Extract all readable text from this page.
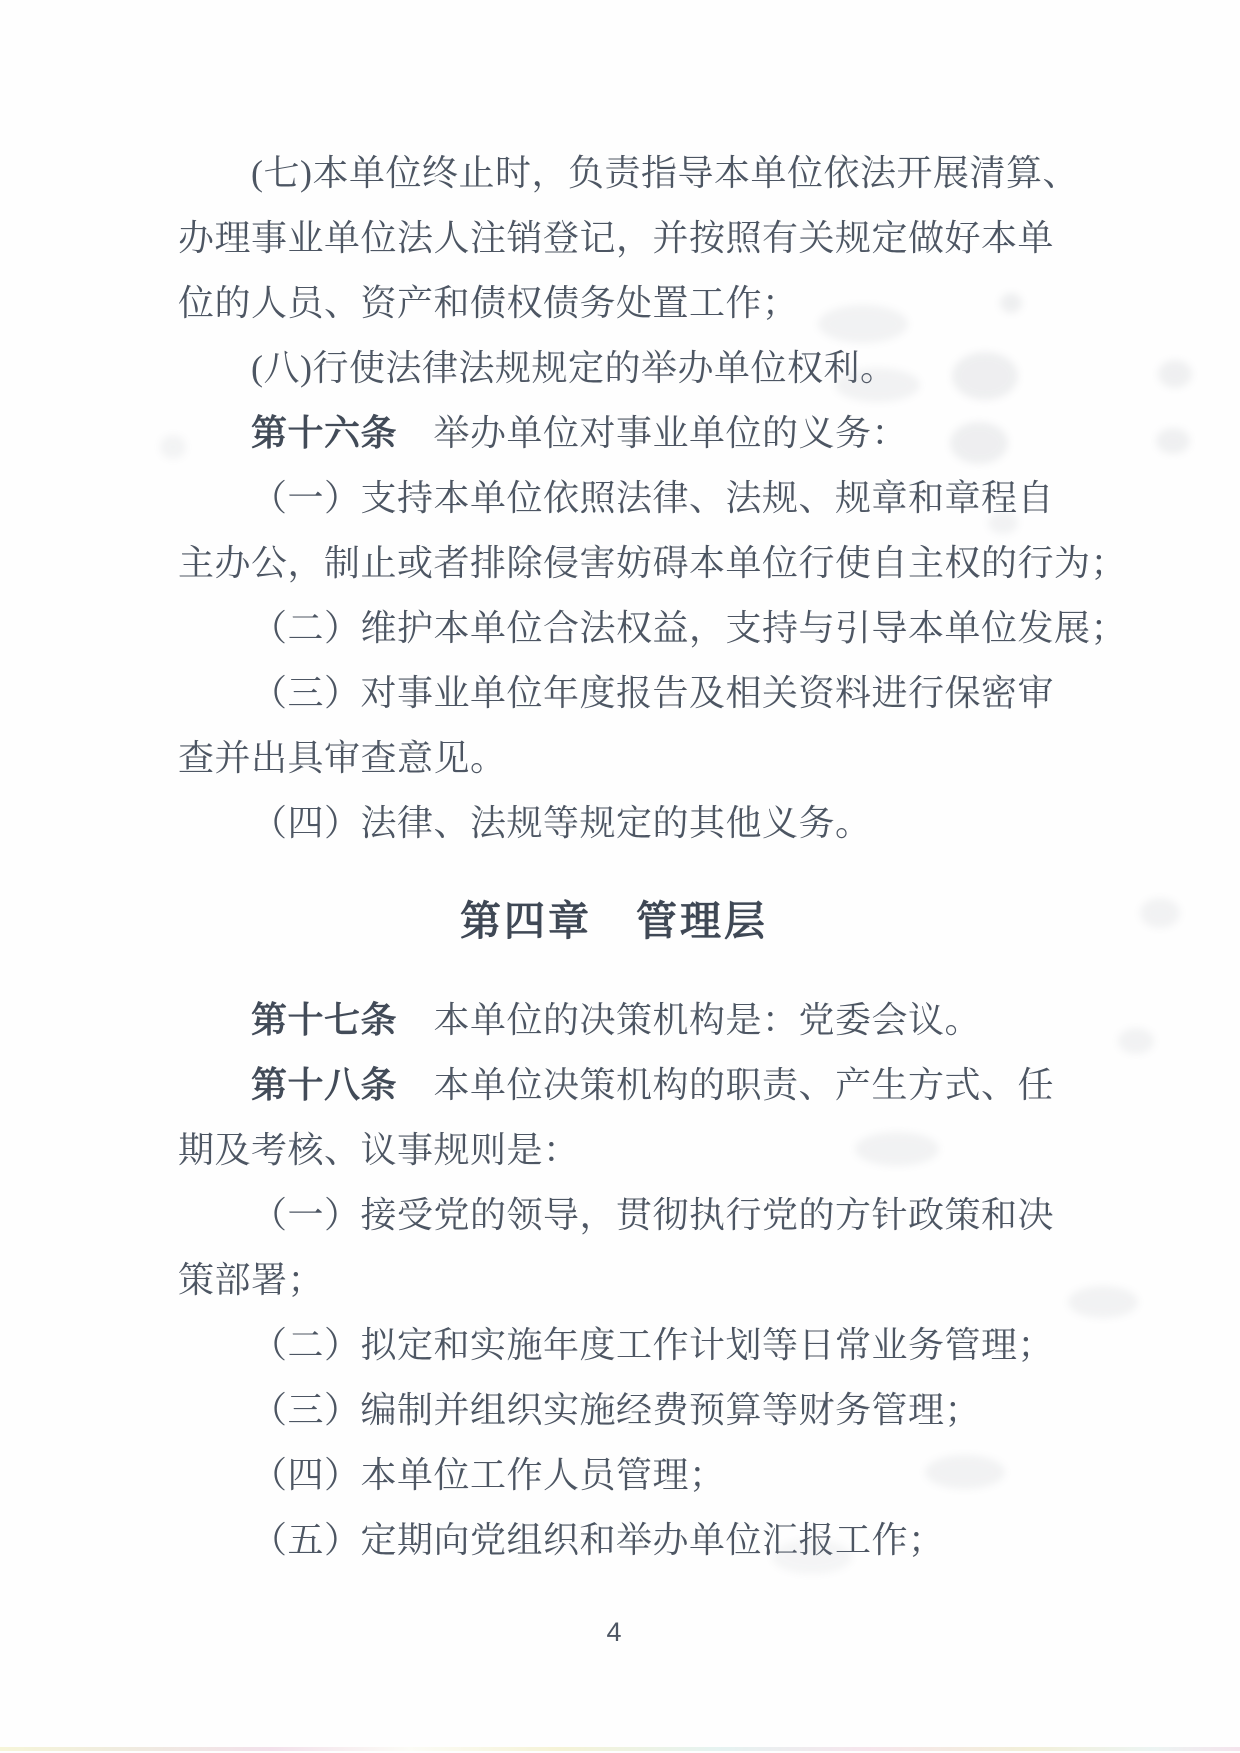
(七)本单位终止时，负责指导本单位依法开展清算、
办理事业单位法人注销登记，并按照有关规定做好本单
位的人员、资产和债权债务处置工作；
(八)行使法律法规规定的举办单位权利。
第十六条　举办单位对事业单位的义务：
（一）支持本单位依照法律、法规、规章和章程自
主办公，制止或者排除侵害妨碍本单位行使自主权的行为；
（二）维护本单位合法权益，支持与引导本单位发展；
（三）对事业单位年度报告及相关资料进行保密审
查并出具审查意见。
（四）法律、法规等规定的其他义务。
第四章　管理层
第十七条　本单位的决策机构是：党委会议。
第十八条　本单位决策机构的职责、产生方式、任
期及考核、议事规则是：
（一）接受党的领导，贯彻执行党的方针政策和决
策部署；
（二）拟定和实施年度工作计划等日常业务管理；
（三）编制并组织实施经费预算等财务管理；
（四）本单位工作人员管理；
（五）定期向党组织和举办单位汇报工作；
4
